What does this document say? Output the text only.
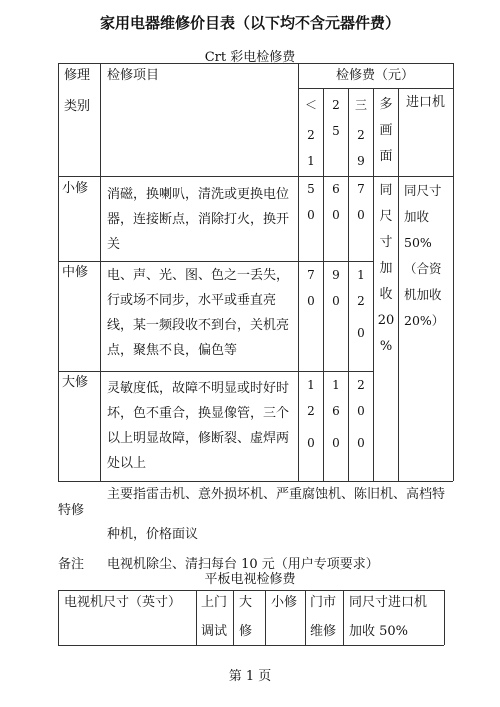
家用电器维修价目表（以下均不含元器件费）
Crt 彩电检修费
修理
类别
检修项目	检修费（元）
＜
2
1
2
5
三
2
9
多
画
面
进口机
小修 消磁，换喇叭，清洗或更换电位
器，连接断点，消除打火，换开
关
5
0
6
0
7
0
中修 电、声、光、图、色之一丢失，
行或场不同步，水平或垂直亮
线，某一频段收不到台，关机亮
点，聚焦不良，偏色等
7
0
9
0
1
2
0
大修 灵敏度低，故障不明显或时好时
坏，色不重合，换显像管，三个
以上明显故障，修断裂、虚焊两
处以上
1
2
0
1
6
0
2
0
0
同
尺
寸
加
收
20
%
同尺寸
加收
50%
（合资
机加收
20%）
主要指雷击机、意外损坏机、严重腐蚀机、陈旧机、高档特
特修
种机，价格面议
备注 电视机除尘、清扫每台 10 元（用户专项要求）
平板电视检修费
电视机尺寸（英寸） 上门
调试
大
修
小修 门市
维修
同尺寸进口机
加收 50%
第 1 页
